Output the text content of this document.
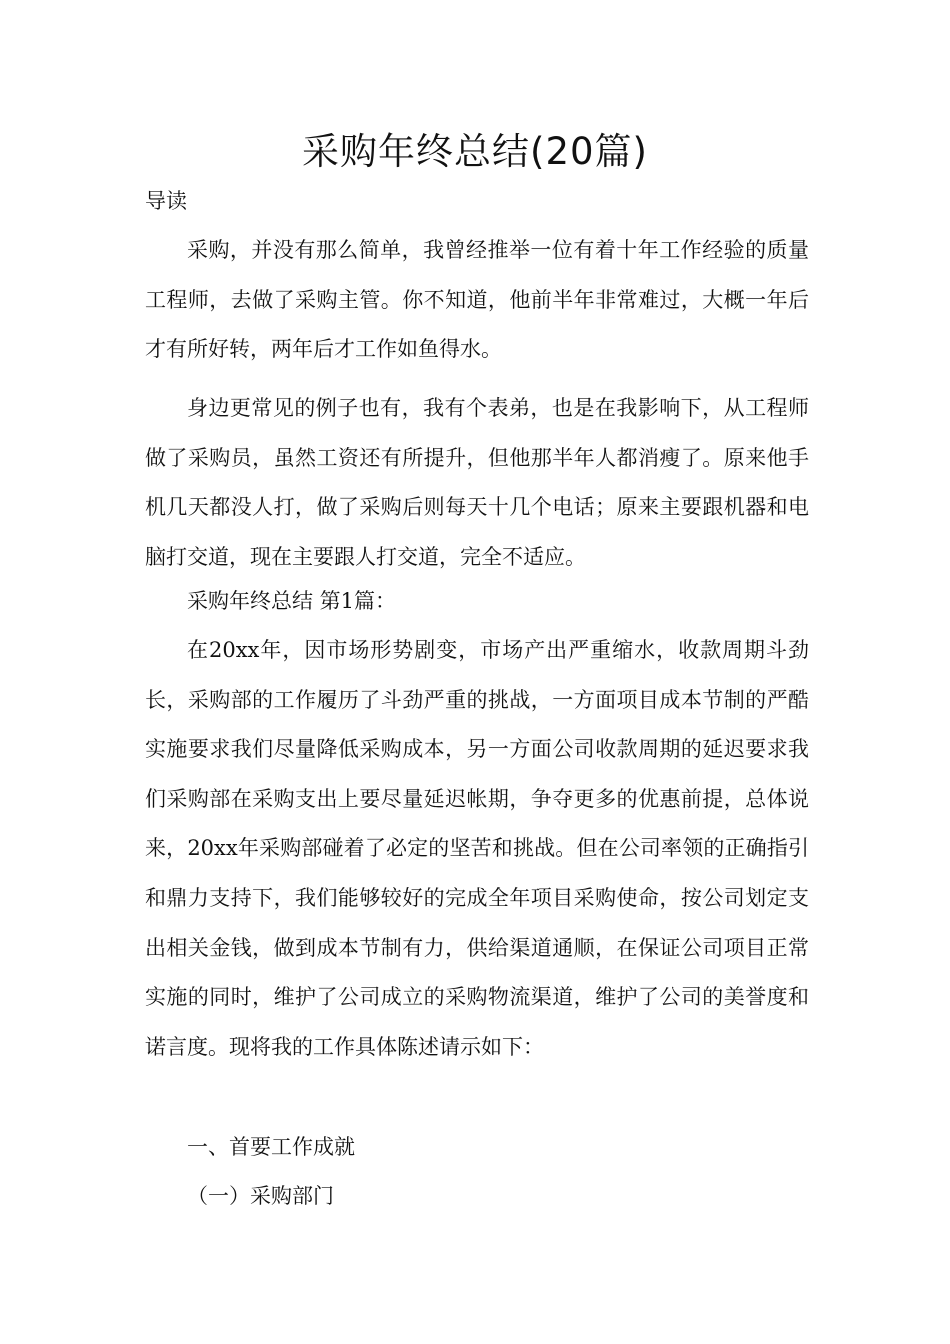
采购年终总结(20篇)

导读

采购，并没有那么简单，我曾经推举一位有着十年工作经验的质量工程师，去做了采购主管。你不知道，他前半年非常难过，大概一年后才有所好转，两年后才工作如鱼得水。

身边更常见的例子也有，我有个表弟，也是在我影响下，从工程师做了采购员，虽然工资还有所提升，但他那半年人都消瘦了。原来他手机几天都没人打，做了采购后则每天十几个电话；原来主要跟机器和电脑打交道，现在主要跟人打交道，完全不适应。

采购年终总结 第1篇：

在20xx年，因市场形势剧变，市场产出严重缩水，收款周期斗劲长，采购部的工作履历了斗劲严重的挑战，一方面项目成本节制的严酷实施要求我们尽量降低采购成本，另一方面公司收款周期的延迟要求我们采购部在采购支出上要尽量延迟帐期，争夺更多的优惠前提，总体说来，20xx年采购部碰着了必定的坚苦和挑战。但在公司率领的正确指引和鼎力支持下，我们能够较好的完成全年项目采购使命，按公司划定支出相关金钱，做到成本节制有力，供给渠道通顺，在保证公司项目正常实施的同时，维护了公司成立的采购物流渠道，维护了公司的美誉度和诺言度。现将我的工作具体陈述请示如下：

一、首要工作成就

（一）采购部门
